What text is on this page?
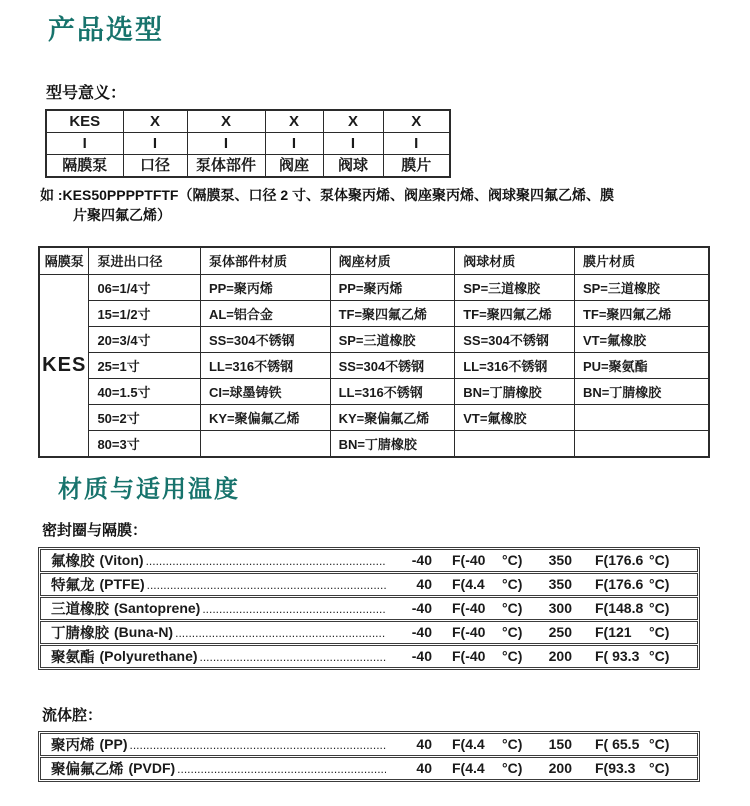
产品选型
型号意义：
KES	X	X	X	X	X
I	I	I	I	I	I
隔膜泵	口径	泵体部件	阀座	阀球	膜片
如 :KES50PPPPTFTF（隔膜泵、口径 2 寸、泵体聚丙烯、阀座聚丙烯、阀球聚四氟乙烯、膜
片聚四氟乙烯）
隔膜泵	泵进出口径	泵体部件材质	阀座材质	阀球材质	膜片材质
KES	06=1/4寸	PP=聚丙烯	PP=聚丙烯	SP=三道橡胶	SP=三道橡胶
	15=1/2寸	AL=铝合金	TF=聚四氟乙烯	TF=聚四氟乙烯	TF=聚四氟乙烯
	20=3/4寸	SS=304不锈钢	SP=三道橡胶	SS=304不锈钢	VT=氟橡胶
	25=1寸	LL=316不锈钢	SS=304不锈钢	LL=316不锈钢	PU=聚氨酯
	40=1.5寸	CI=球墨铸铁	LL=316不锈钢	BN=丁腈橡胶	BN=丁腈橡胶
	50=2寸	KY=聚偏氟乙烯	KY=聚偏氟乙烯	VT=氟橡胶	
	80=3寸		BN=丁腈橡胶		
材质与适用温度
密封圈与隔膜：
氟橡胶 (Viton) .....	-40 F(-40	°C)	350 F(176.6 °C)
特氟龙 (PTFE) .....	40 F(4.4	°C)	350 F(176.6 °C)
三道橡胶 (Santoprene) .....	-40 F(-40	°C)	300 F(148.8 °C)
丁腈橡胶 (Buna-N) .....	-40 F(-40	°C)	250 F(121	°C)
聚氨酯 (Polyurethane) .....	-40 F(-40	°C)	200 F( 93.3 °C)
流体腔：
聚丙烯 (PP) .....	40 F(4.4	°C)	150 F( 65.5 °C)
聚偏氟乙烯 (PVDF) .....	40 F(4.4	°C)	200 F(93.3 °C)
